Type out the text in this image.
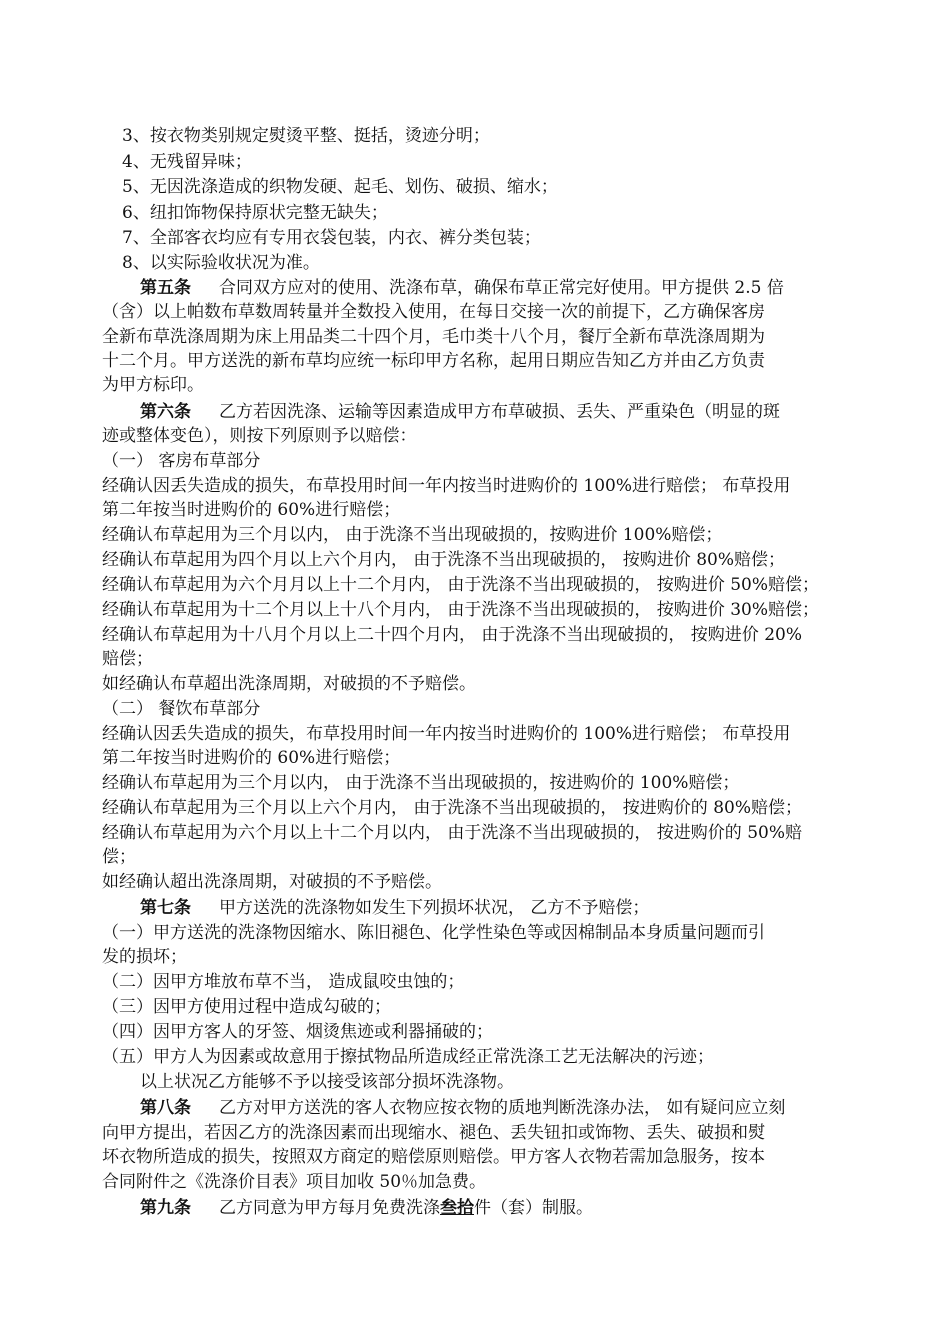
3、按衣物类别规定熨烫平整、挺括，烫迹分明；
4、无残留异味；
5、无因洗涤造成的织物发硬、起毛、划伤、破损、缩水；
6、纽扣饰物保持原状完整无缺失；
7、全部客衣均应有专用衣袋包装，内衣、裤分类包装；
8、以实际验收状况为准。
第五条 合同双方应对的使用、洗涤布草，确保布草正常完好使用。甲方提供 2.5 倍
（含）以上帕数布草数周转量并全数投入使用，在每日交接一次的前提下，乙方确保客房
全新布草洗涤周期为床上用品类二十四个月，毛巾类十八个月，餐厅全新布草洗涤周期为
十二个月。甲方送洗的新布草均应统一标印甲方名称，起用日期应告知乙方并由乙方负责
为甲方标印。
第六条 乙方若因洗涤、运输等因素造成甲方布草破损、丢失、严重染色（明显的斑
迹或整体变色），则按下列原则予以赔偿：
（一） 客房布草部分
经确认因丢失造成的损失，布草投用时间一年内按当时进购价的 100%进行赔偿； 布草投用
第二年按当时进购价的 60%进行赔偿；
经确认布草起用为三个月以内， 由于洗涤不当出现破损的，按购进价 100%赔偿；
经确认布草起用为四个月以上六个月内， 由于洗涤不当出现破损的， 按购进价 80%赔偿；
经确认布草起用为六个月月以上十二个月内， 由于洗涤不当出现破损的， 按购进价 50%赔偿；
经确认布草起用为十二个月以上十八个月内， 由于洗涤不当出现破损的， 按购进价 30%赔偿；
经确认布草起用为十八月个月以上二十四个月内， 由于洗涤不当出现破损的， 按购进价 20%
赔偿；
如经确认布草超出洗涤周期，对破损的不予赔偿。
（二） 餐饮布草部分
经确认因丢失造成的损失，布草投用时间一年内按当时进购价的 100%进行赔偿； 布草投用
第二年按当时进购价的 60%进行赔偿；
经确认布草起用为三个月以内， 由于洗涤不当出现破损的，按进购价的 100%赔偿；
经确认布草起用为三个月以上六个月内， 由于洗涤不当出现破损的， 按进购价的 80%赔偿；
经确认布草起用为六个月以上十二个月以内， 由于洗涤不当出现破损的， 按进购价的 50%赔
偿；
如经确认超出洗涤周期，对破损的不予赔偿。
第七条 甲方送洗的洗涤物如发生下列损坏状况， 乙方不予赔偿；
（一）甲方送洗的洗涤物因缩水、陈旧褪色、化学性染色等或因棉制品本身质量问题而引
发的损坏；
（二）因甲方堆放布草不当， 造成鼠咬虫蚀的；
（三）因甲方使用过程中造成勾破的；
（四）因甲方客人的牙签、烟烫焦迹或利器捅破的；
（五）甲方人为因素或故意用于擦拭物品所造成经正常洗涤工艺无法解决的污迹；
以上状况乙方能够不予以接受该部分损坏洗涤物。
第八条 乙方对甲方送洗的客人衣物应按衣物的质地判断洗涤办法， 如有疑问应立刻
向甲方提出，若因乙方的洗涤因素而出现缩水、褪色、丢失钮扣或饰物、丢失、破损和熨
坏衣物所造成的损失，按照双方商定的赔偿原则赔偿。甲方客人衣物若需加急服务，按本
合同附件之《洗涤价目表》项目加收 50％加急费。
第九条 乙方同意为甲方每月免费洗涤叁拾件（套）制服。
